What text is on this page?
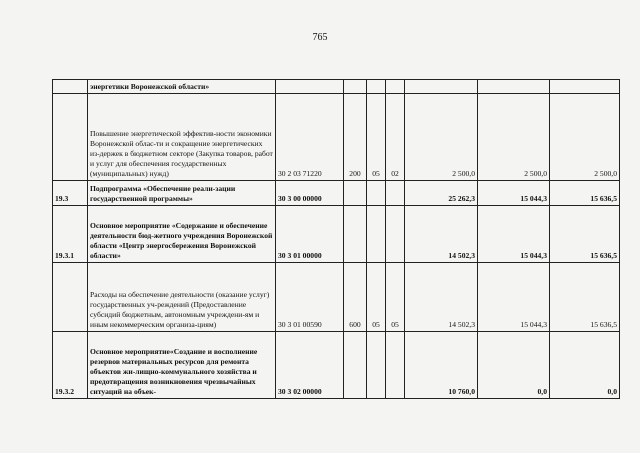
765
	энергетики Воронежской области»							
	Повышение энергетической эффектив-ности экономики Воронежской облас-ти и сокращение энергетических из-держек в бюджетном секторе (Закупка товаров, работ и услуг для обеспечения государственных (муниципальных) нужд)	30 2 03 71220	200	05	02	2 500,0	2 500,0	2 500,0
19.3	Подпрограмма «Обеспечение реали-зации государственной программы»	30 3 00 00000				25 262,3	15 044,3	15 636,5
19.3.1	Основное мероприятие «Содержание и обеспечение деятельности бюд-жетного учреждения Воронежской области «Центр энергосбережения Воронежской области»	30 3 01 00000				14 502,3	15 044,3	15 636,5
	Расходы на обеспечение деятельности (оказание услуг) государственных уч-реждений (Предоставление субсидий бюджетным, автономным учреждени-ям и иным некоммерческим организа-циям)	30 3 01 00590	600	05	05	14 502,3	15 044,3	15 636,5
19.3.2	Основное мероприятие«Создание и восполнение резервов материальных ресурсов для ремонта объектов жи-лищно-коммунального хозяйства и предотвращения возникновения чрезвычайных ситуаций на объек-	30 3 02 00000				10 760,0	0,0	0,0
